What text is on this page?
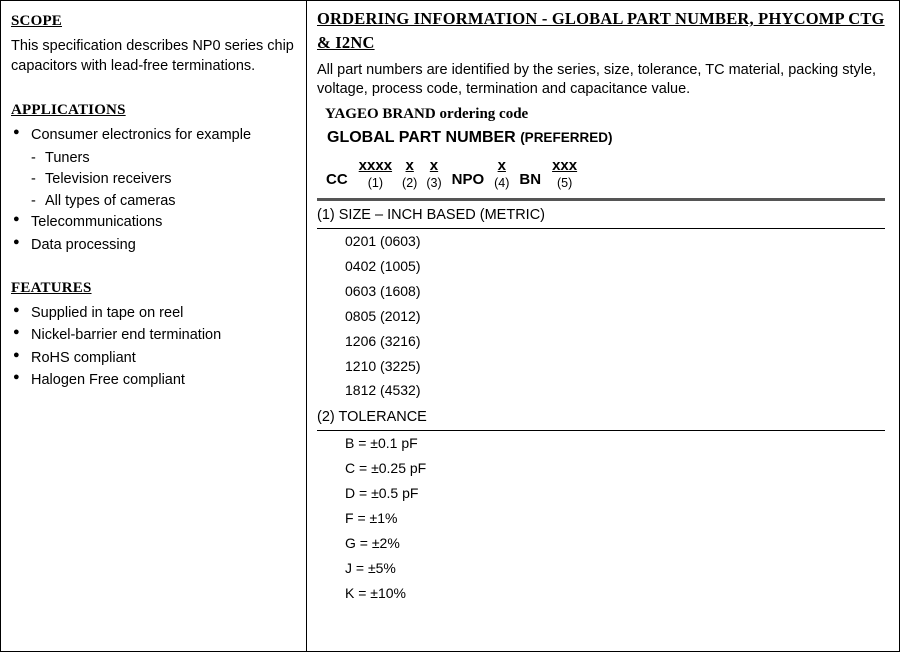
SCOPE

This specification describes NP0 series chip capacitors with lead-free terminations.

APPLICATIONS
● Consumer electronics for example
- Tuners
- Television receivers
- All types of cameras
● Telecommunications
● Data processing
FEATURES
● Supplied in tape on reel
● Nickel-barrier end termination
● RoHS compliant
● Halogen Free compliant
ORDERING INFORMATION - GLOBAL PART NUMBER, PHYCOMP CTG & I2NC

All part numbers are identified by the series, size, tolerance, TC material, packing style, voltage, process code, termination and capacitance value.

YAGEO BRAND ordering code
GLOBAL PART NUMBER (PREFERRED)
CC
xxxx
(1)
x
(2)
x
(3) NPO
x
(4) BN
xxx
(5)
(1) SIZE – INCH BASED (METRIC)
0201 (0603)
0402 (1005)
0603 (1608)
0805 (2012)
1206 (3216)
1210 (3225)
1812 (4532)
(2) TOLERANCE
B = ±0.1 pF
C = ±0.25 pF
D = ±0.5 pF
F = ±1%
G = ±2%
J = ±5%
K = ±10%
